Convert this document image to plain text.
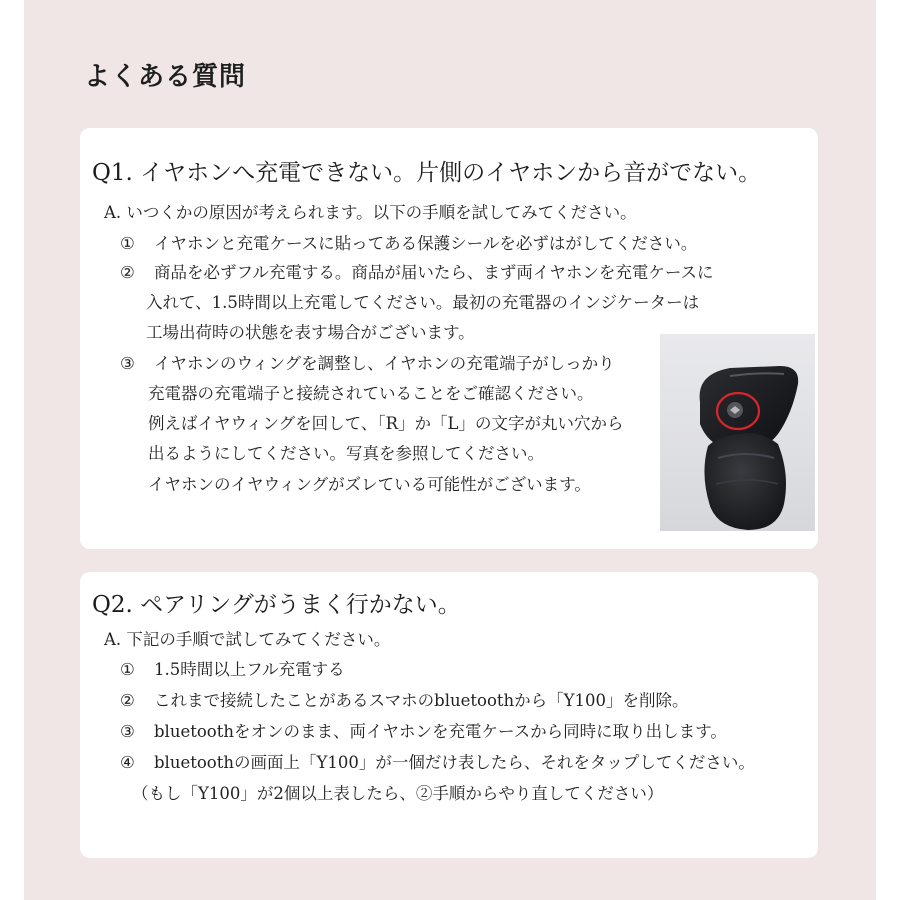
よくある質問
Q1. イヤホンへ充電できない。片側のイヤホンから音がでない。
A. いつくかの原因が考えられます。以下の手順を試してみてください。
① イヤホンと充電ケースに貼ってある保護シールを必ずはがしてください。
② 商品を必ずフル充電する。商品が届いたら、まず両イヤホンを充電ケースに
入れて、1.5時間以上充電してください。最初の充電器のインジケーターは
工場出荷時の状態を表す場合がございます。
③ イヤホンのウィングを調整し、イヤホンの充電端子がしっかり
充電器の充電端子と接続されていることをご確認ください。
例えばイヤウィングを回して、「R」か「L」の文字が丸い穴から
出るようにしてください。写真を参照してください。
イヤホンのイヤウィングがズレている可能性がございます。
Q2. ペアリングがうまく行かない。
A. 下記の手順で試してみてください。
① 1.5時間以上フル充電する
② これまで接続したことがあるスマホのbluetoothから「Y100」を削除。
③ bluetoothをオンのまま、両イヤホンを充電ケースから同時に取り出します。
④ bluetoothの画面上「Y100」が一個だけ表したら、それをタップしてください。
（もし「Y100」が2個以上表したら、②手順からやり直してください）
